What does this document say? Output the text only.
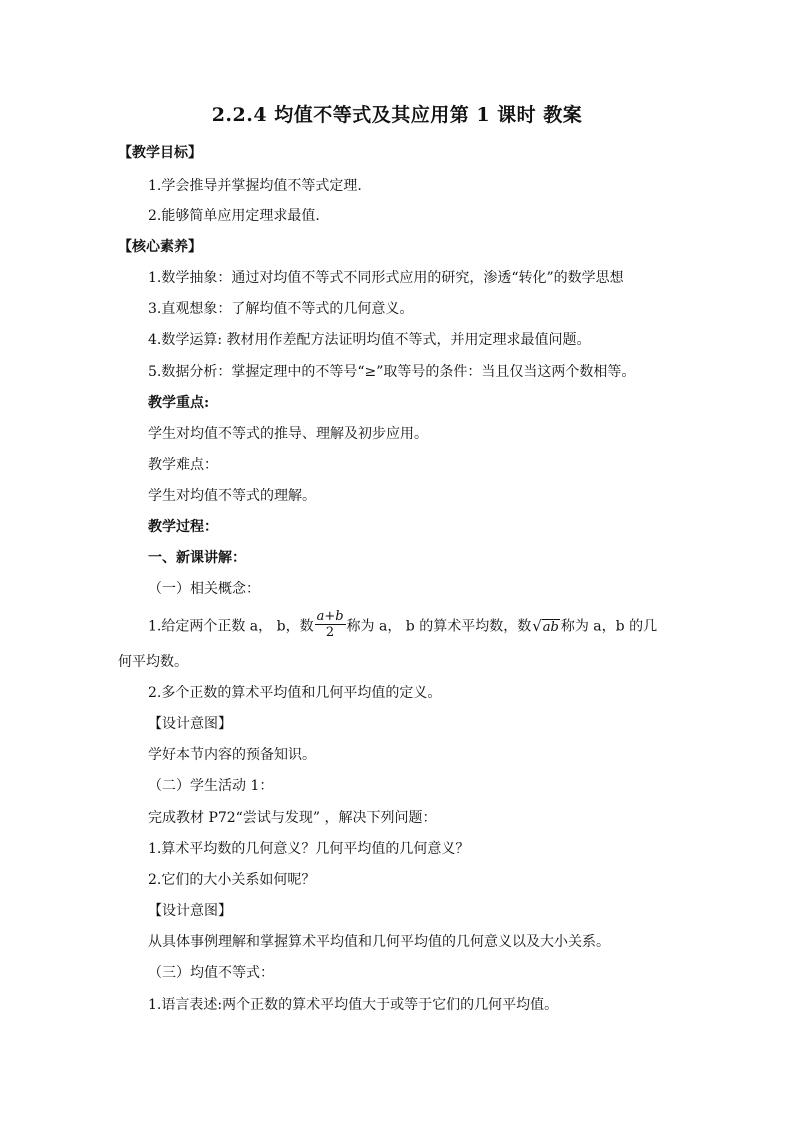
2.2.4 均值不等式及其应用第 1 课时 教案
【教学目标】
1.学会推导并掌握均值不等式定理.
2.能够简单应用定理求最值.
【核心素养】
1.数学抽象：通过对均值不等式不同形式应用的研究，渗透“转化”的数学思想
3.直观想象：了解均值不等式的几何意义。
4.数学运算: 教材用作差配方法证明均值不等式，并用定理求最值问题。
5.数据分析：掌握定理中的不等号“≥”取等号的条件：当且仅当这两个数相等。
教学重点:
学生对均值不等式的推导、理解及初步应用。
教学难点：
学生对均值不等式的理解。
教学过程：
一、新课讲解：
（一）相关概念：
1.给定两个正数 a， b，数 $\frac{a+b}{2}$ 称为 a， b 的算术平均数，数√ab 称为 a，b 的几
何平均数。
2.多个正数的算术平均值和几何平均值的定义。
【设计意图】
学好本节内容的预备知识。
（二）学生活动 1：
完成教材 P72“尝试与发现” ，解决下列问题：
1.算术平均数的几何意义？几何平均值的几何意义？
2.它们的大小关系如何呢？
【设计意图】
从具体事例理解和掌握算术平均值和几何平均值的几何意义以及大小关系。
（三）均值不等式：
1.语言表述:两个正数的算术平均值大于或等于它们的几何平均值。
